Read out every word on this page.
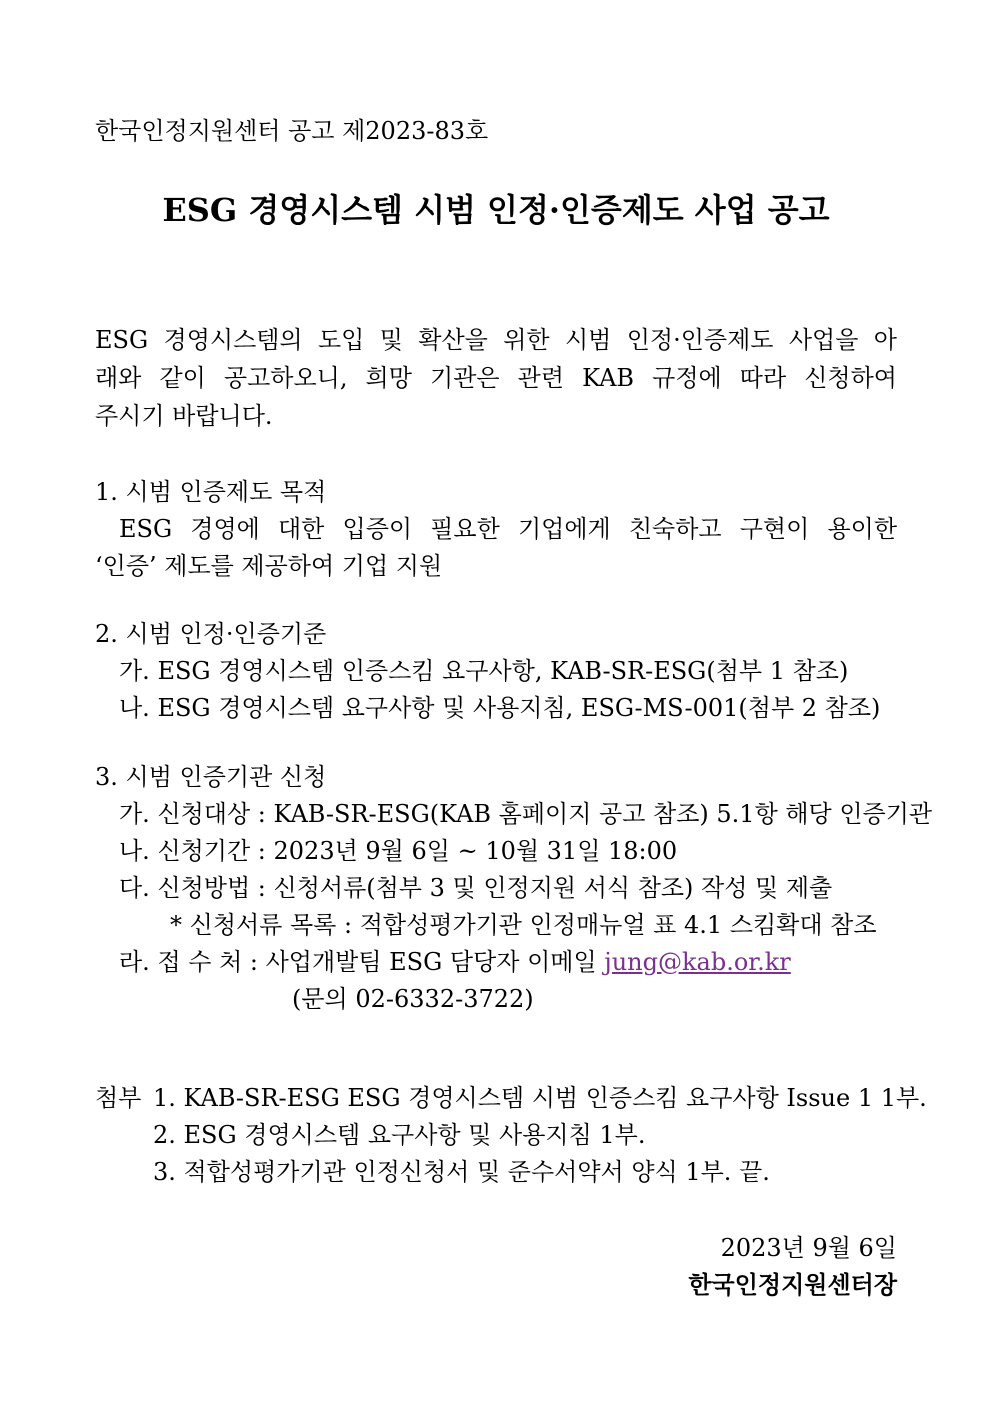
한국인정지원센터 공고 제2023-83호
ESG 경영시스템 시범 인정·인증제도 사업 공고
ESG 경영시스템의 도입 및 확산을 위한 시범 인정·인증제도 사업을 아
래와 같이 공고하오니, 희망 기관은 관련 KAB 규정에 따라 신청하여
주시기 바랍니다.
1. 시범 인증제도 목적
ESG 경영에 대한 입증이 필요한 기업에게 친숙하고 구현이 용이한
‘인증’ 제도를 제공하여 기업 지원
2. 시범 인정·인증기준
가. ESG 경영시스템 인증스킴 요구사항, KAB-SR-ESG(첨부 1 참조)
나. ESG 경영시스템 요구사항 및 사용지침, ESG-MS-001(첨부 2 참조)
3. 시범 인증기관 신청
가. 신청대상 : KAB-SR-ESG(KAB 홈페이지 공고 참조) 5.1항 해당 인증기관
나. 신청기간 : 2023년 9월 6일 ~ 10월 31일 18:00
다. 신청방법 : 신청서류(첨부 3 및 인정지원 서식 참조) 작성 및 제출
* 신청서류 목록 : 적합성평가기관 인정매뉴얼 표 4.1 스킴확대 참조
라. 접 수 처 : 사업개발팀 ESG 담당자 이메일 jung@kab.or.kr
(문의 02-6332-3722)
첨부 1. KAB-SR-ESG ESG 경영시스템 시범 인증스킴 요구사항 Issue 1 1부.
2. ESG 경영시스템 요구사항 및 사용지침 1부.
3. 적합성평가기관 인정신청서 및 준수서약서 양식 1부. 끝.
2023년 9월 6일
한국인정지원센터장
